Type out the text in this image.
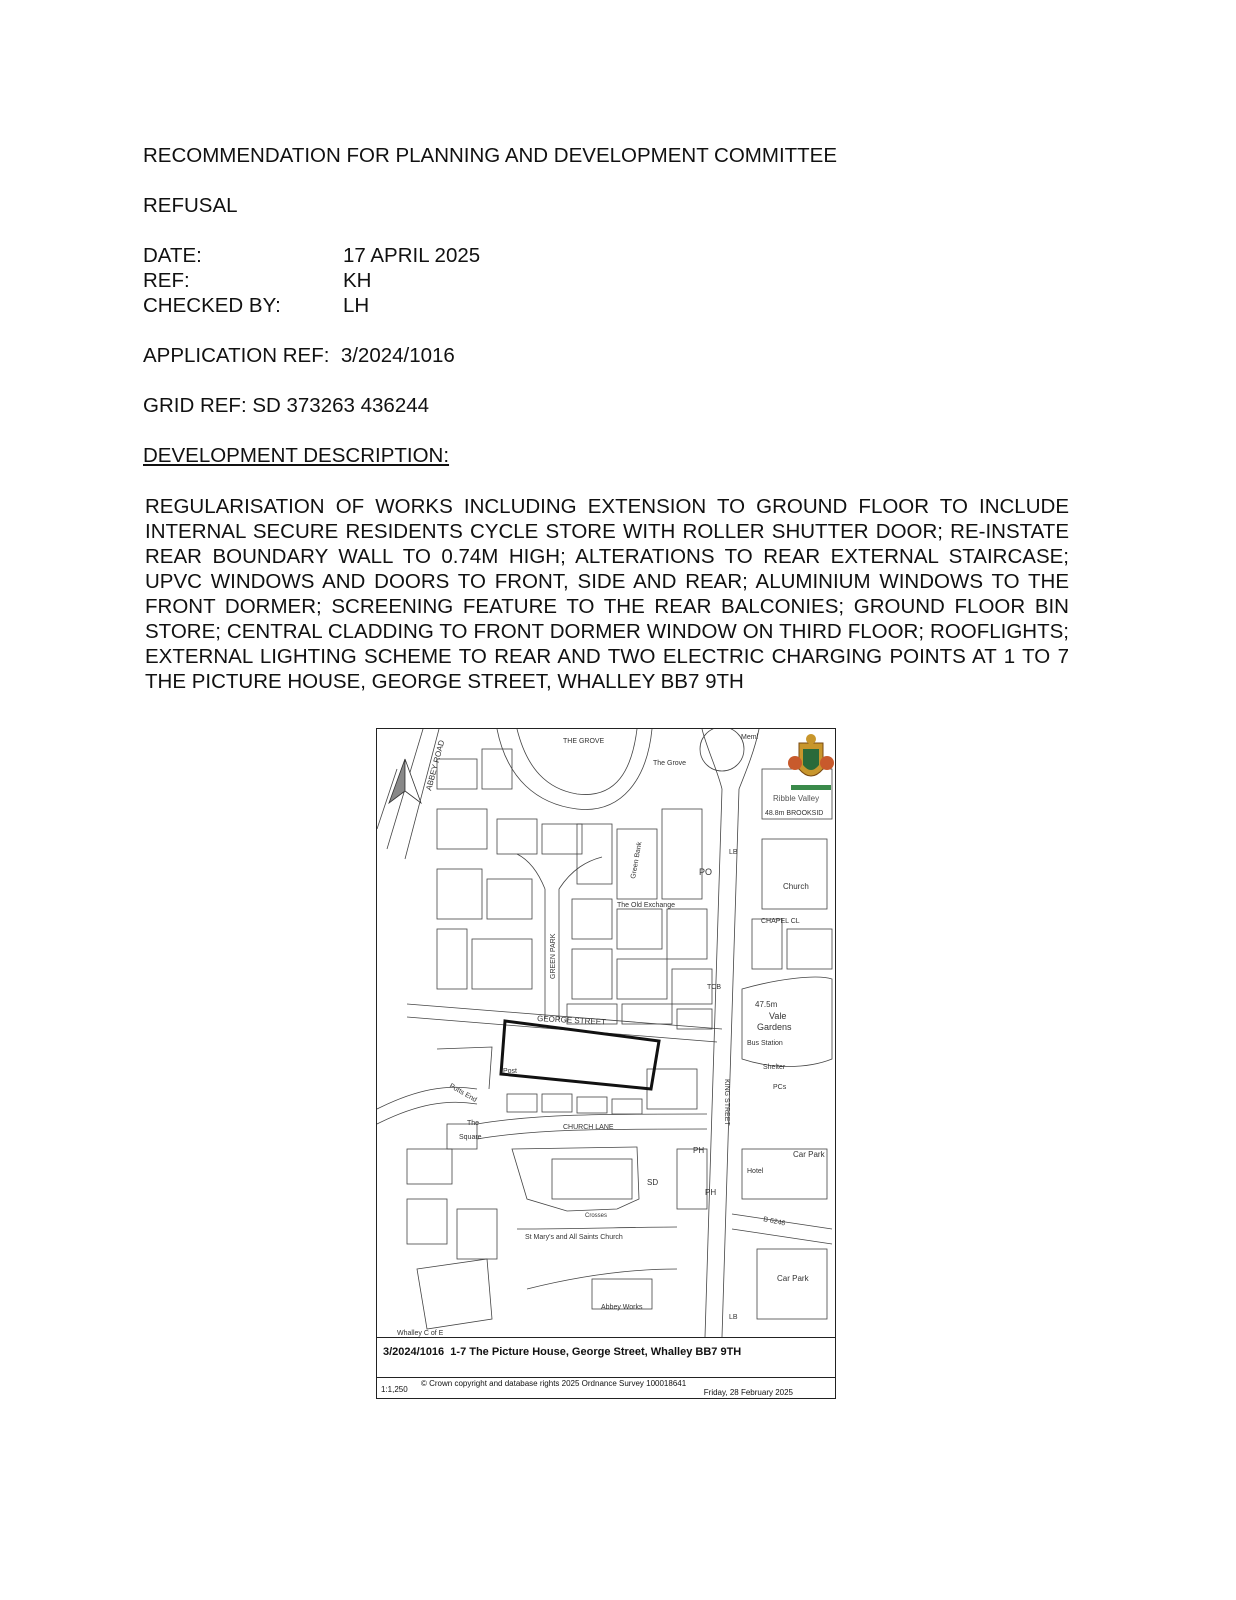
RECOMMENDATION FOR PLANNING AND DEVELOPMENT COMMITTEE
REFUSAL
DATE:	17 APRIL 2025
REF:	KH
CHECKED BY:	LH
APPLICATION REF:  3/2024/1016
GRID REF: SD 373263 436244
DEVELOPMENT DESCRIPTION:
REGULARISATION OF WORKS INCLUDING EXTENSION TO GROUND FLOOR TO INCLUDE INTERNAL SECURE RESIDENTS CYCLE STORE WITH ROLLER SHUTTER DOOR; RE-INSTATE REAR BOUNDARY WALL TO 0.74M HIGH; ALTERATIONS TO REAR EXTERNAL STAIRCASE; UPVC WINDOWS AND DOORS TO FRONT, SIDE AND REAR; ALUMINIUM WINDOWS TO THE FRONT DORMER; SCREENING FEATURE TO THE REAR BALCONIES; GROUND FLOOR BIN STORE; CENTRAL CLADDING TO FRONT DORMER WINDOW ON THIRD FLOOR; ROOFLIGHTS; EXTERNAL LIGHTING SCHEME TO REAR AND TWO ELECTRIC CHARGING POINTS AT 1 TO 7 THE PICTURE HOUSE, GEORGE STREET, WHALLEY BB7 9TH
ABBEY ROAD	THE GROVE
The Grove
Meml
Ribble Valley
48.8m BROOKSID
Green Bank	LB
PO
Church
The Old Exchange
CHAPEL CL
GREEN PARK
TCB
47.5m
Vale
Gardens
GEORGE STREET
Bus Station
Post
Shelter
PCs
KING STREET
Potts End
The
Square
CHURCH LANE
PH	Car Park
Hotel
SD
PH
B 6246
Crosses
St Mary's and All Saints Church
Car Park
Abbey Works
LB
Whalley C of E
3/2024/1016  1-7 The Picture House, George Street, Whalley BB7 9TH
1:1,250
© Crown copyright and database rights 2025 Ordnance Survey 100018641
Friday, 28 February 2025
